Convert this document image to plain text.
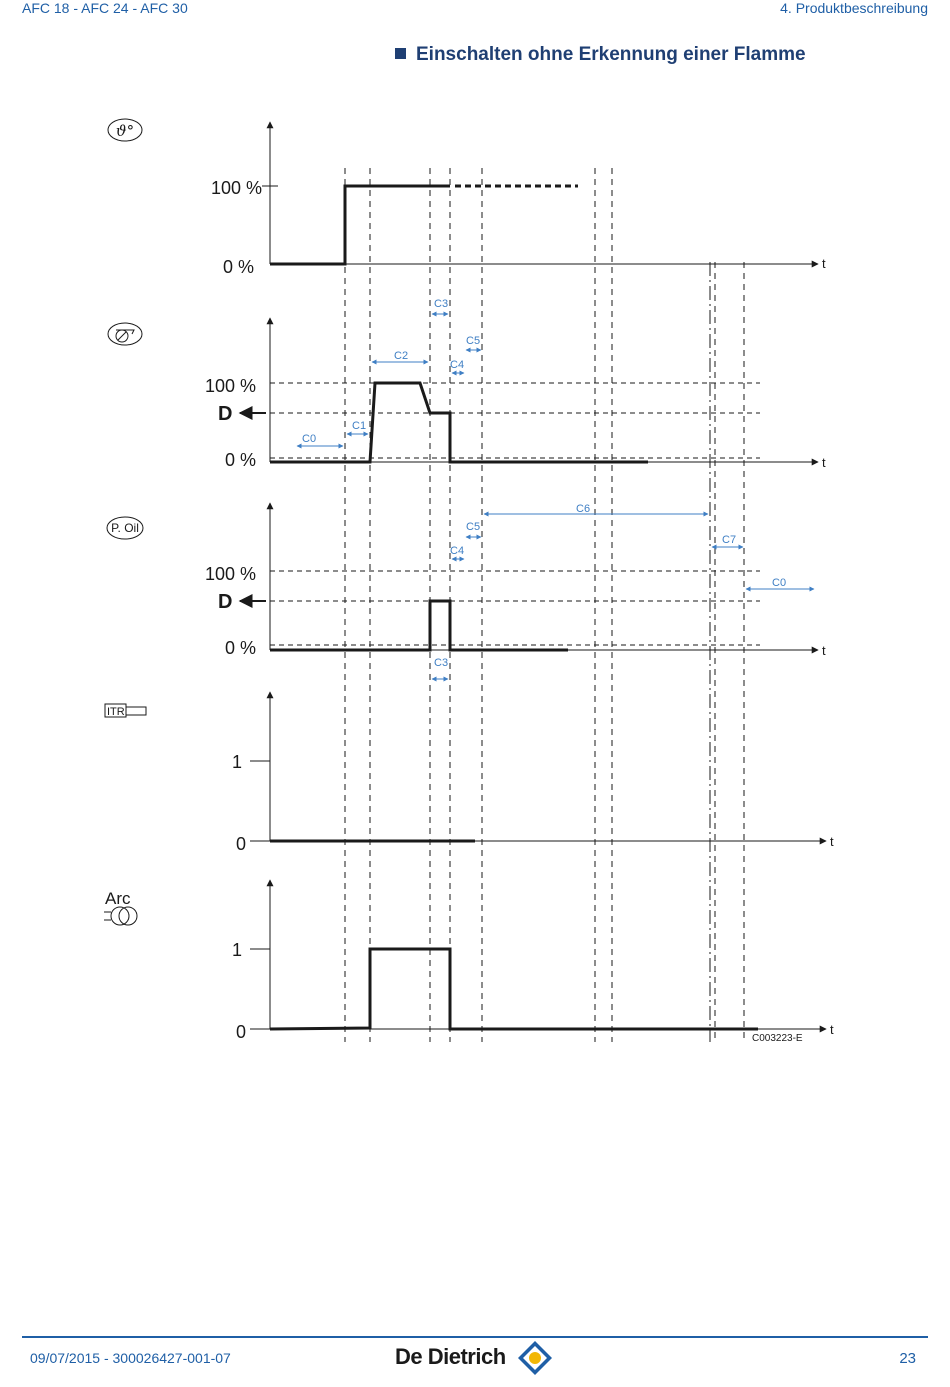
AFC 18 - AFC 24 - AFC 30	4. Produktbeschreibung
Einschalten ohne Erkennung einer Flamme
ϑ°
100 %
0 %	t
100 %
D
0 %	t
C0
C1
C2
C3
C4
C5
P. Oil
100 %
D
0 %	t
C3
C4
C5
C6
C7
C0
ITR
1
0	t
Arc
1
0	t
C003223-E
09/07/2015 - 300026427-001-07	De Dietrich	23
